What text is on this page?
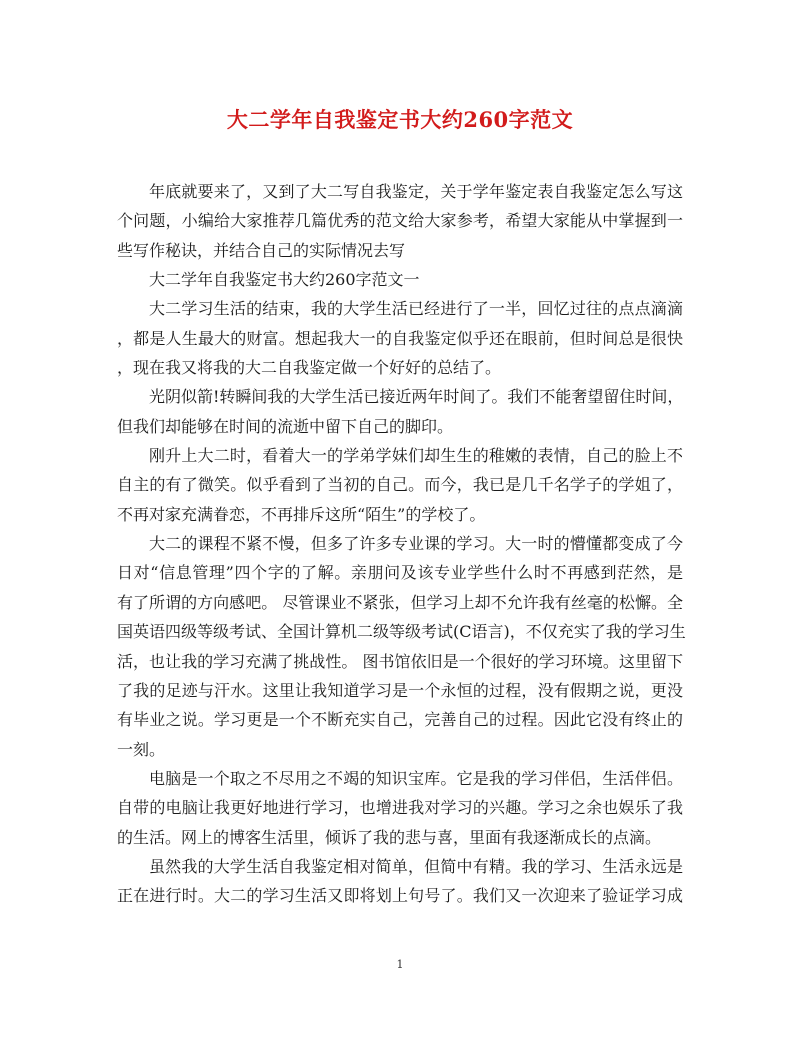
大二学年自我鉴定书大约260字范文

年底就要来了，又到了大二写自我鉴定，关于学年鉴定表自我鉴定怎么写这

个问题，小编给大家推荐几篇优秀的范文给大家参考，希望大家能从中掌握到一

些写作秘诀，并结合自己的实际情况去写

大二学年自我鉴定书大约260字范文一

大二学习生活的结束，我的大学生活已经进行了一半，回忆过往的点点滴滴

，都是人生最大的财富。想起我大一的自我鉴定似乎还在眼前，但时间总是很快

，现在我又将我的大二自我鉴定做一个好好的总结了。

光阴似箭!转瞬间我的大学生活已接近两年时间了。我们不能奢望留住时间，

但我们却能够在时间的流逝中留下自己的脚印。

刚升上大二时，看着大一的学弟学妹们却生生的稚嫩的表情，自己的脸上不

自主的有了微笑。似乎看到了当初的自己。而今，我已是几千名学子的学姐了，

不再对家充满眷恋，不再排斥这所“陌生”的学校了。

大二的课程不紧不慢，但多了许多专业课的学习。大一时的懵懂都变成了今

日对“信息管理”四个字的了解。亲朋问及该专业学些什么时不再感到茫然，是

有了所谓的方向感吧。 尽管课业不紧张，但学习上却不允许我有丝毫的松懈。全

国英语四级等级考试、全国计算机二级等级考试(C语言)，不仅充实了我的学习生

活，也让我的学习充满了挑战性。 图书馆依旧是一个很好的学习环境。这里留下

了我的足迹与汗水。这里让我知道学习是一个永恒的过程，没有假期之说，更没

有毕业之说。学习更是一个不断充实自己，完善自己的过程。因此它没有终止的

一刻。

电脑是一个取之不尽用之不竭的知识宝库。它是我的学习伴侣，生活伴侣。

自带的电脑让我更好地进行学习，也增进我对学习的兴趣。学习之余也娱乐了我

的生活。网上的博客生活里，倾诉了我的悲与喜，里面有我逐渐成长的点滴。

虽然我的大学生活自我鉴定相对简单，但简中有精。我的学习、生活永远是

正在进行时。大二的学习生活又即将划上句号了。我们又一次迎来了验证学习成

1
